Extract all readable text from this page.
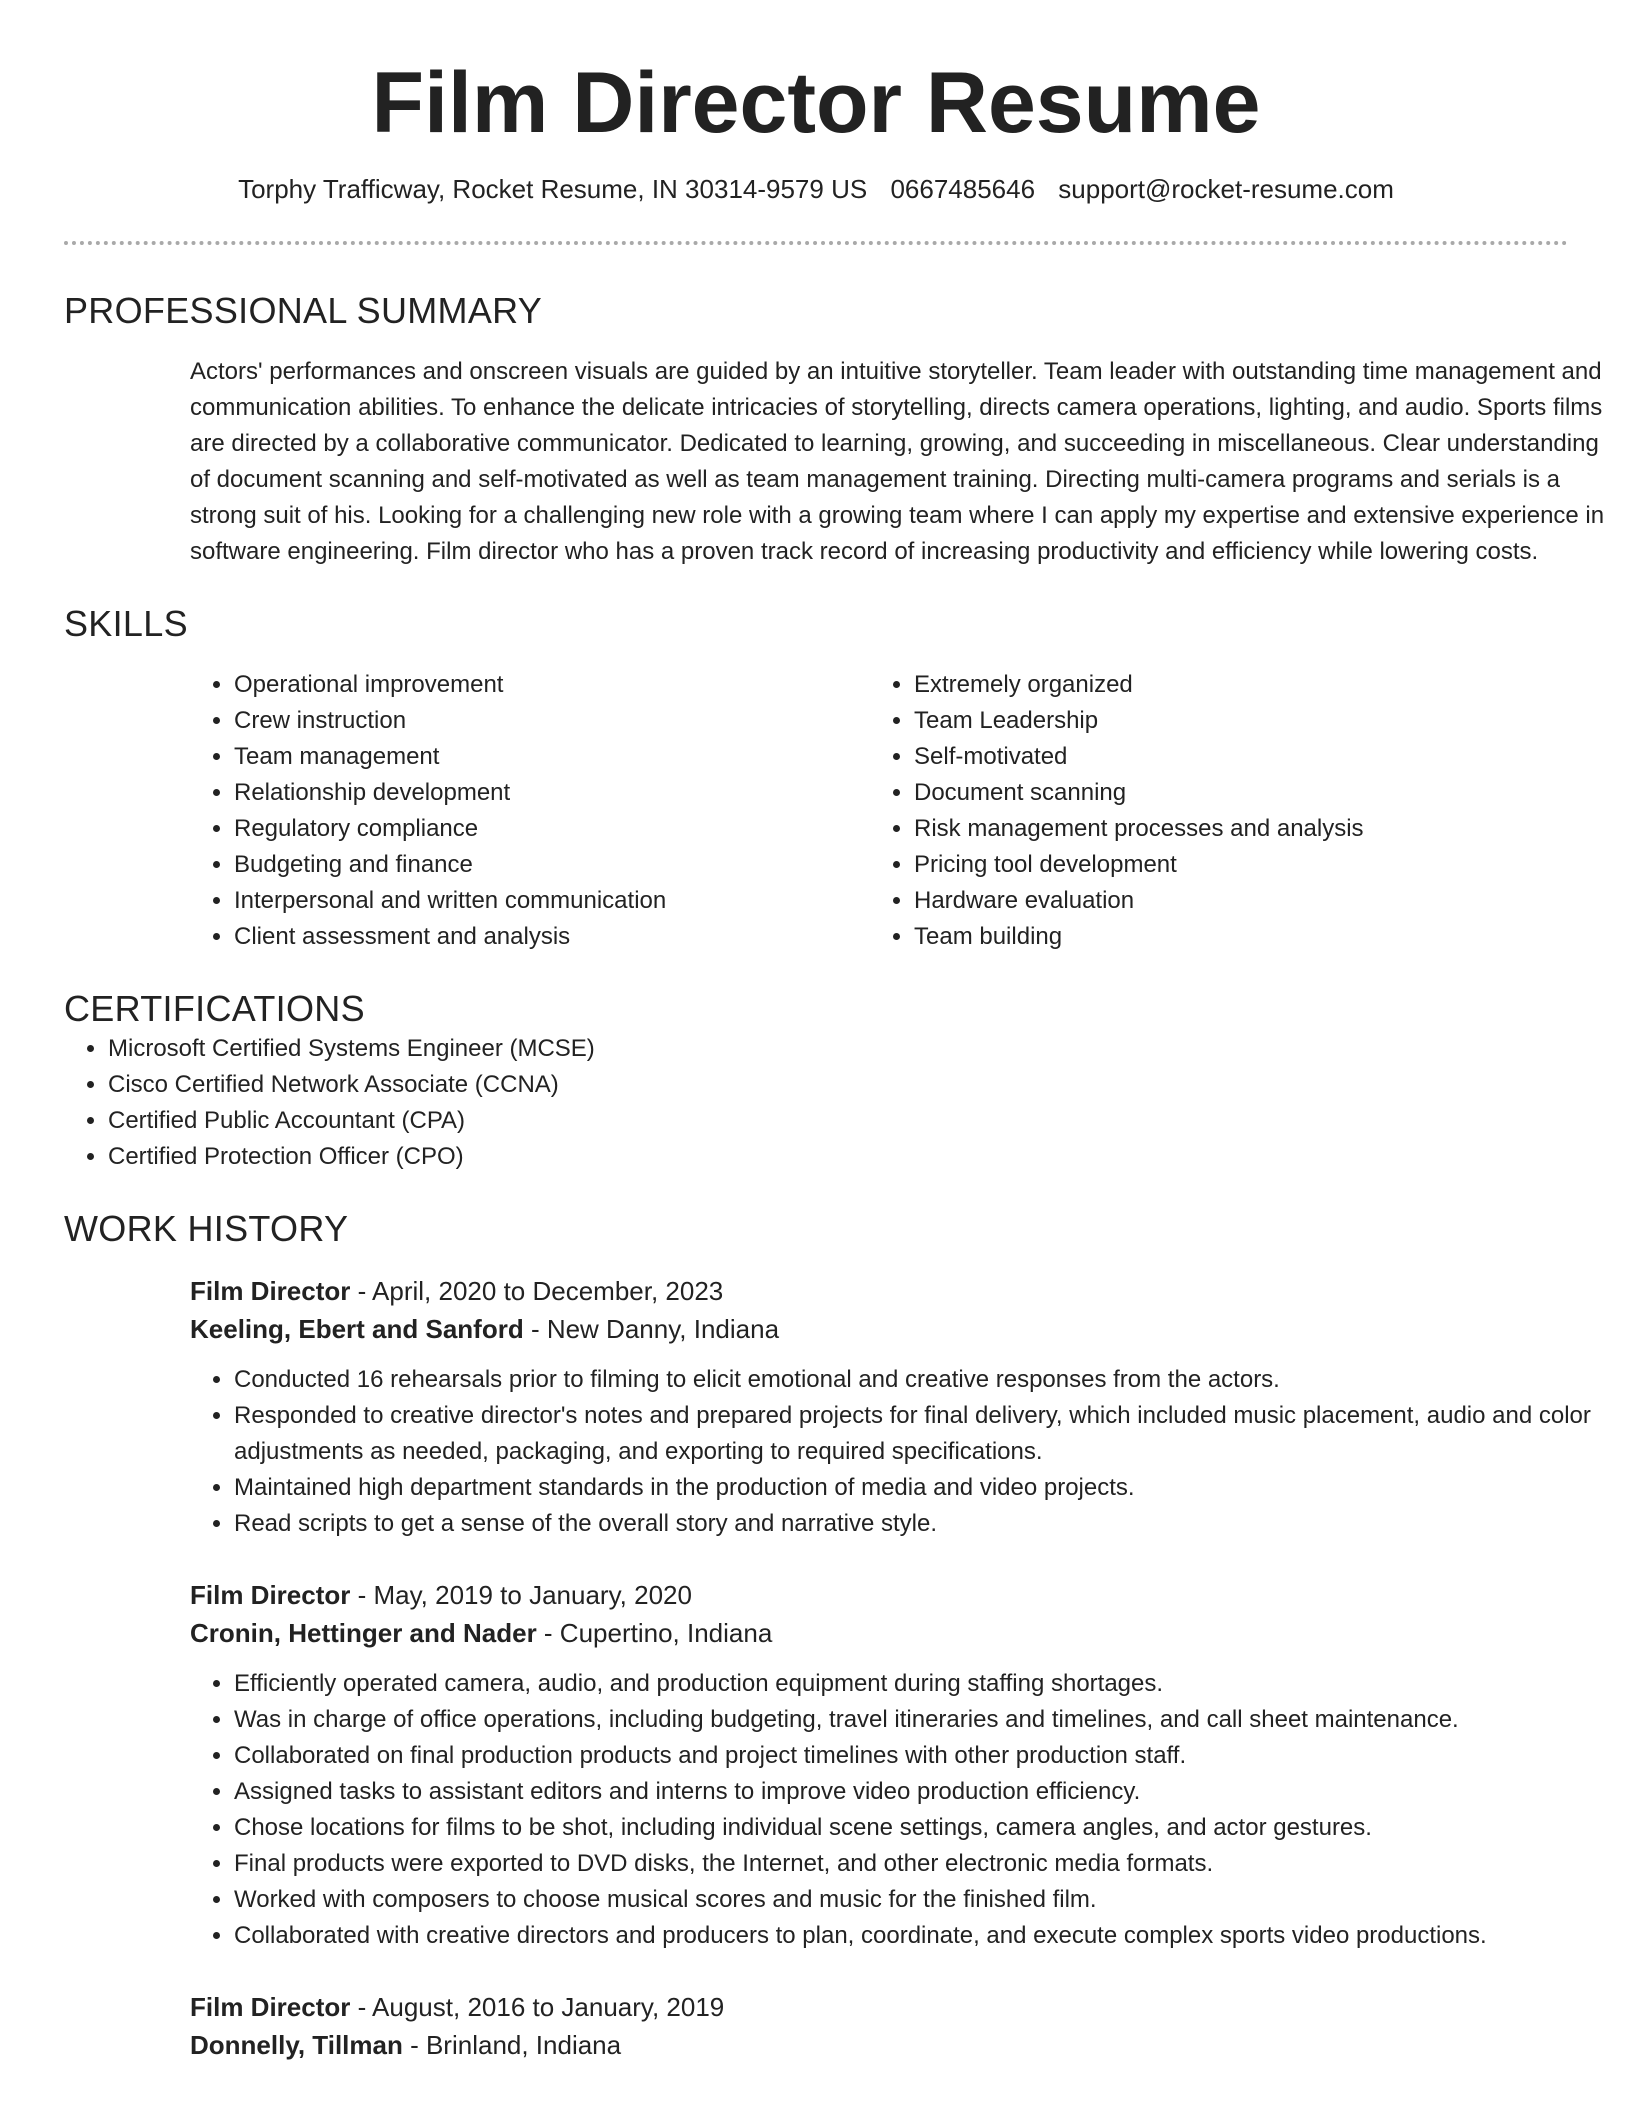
Film Director Resume
Torphy Trafficway, Rocket Resume, IN 30314-9579 US 0667485646 support@rocket-resume.com
PROFESSIONAL SUMMARY

Actors' performances and onscreen visuals are guided by an intuitive storyteller. Team leader with outstanding time management and communication abilities. To enhance the delicate intricacies of storytelling, directs camera operations, lighting, and audio. Sports films are directed by a collaborative communicator. Dedicated to learning, growing, and succeeding in miscellaneous. Clear understanding of document scanning and self-motivated as well as team management training. Directing multi-camera programs and serials is a strong suit of his. Looking for a challenging new role with a growing team where I can apply my expertise and extensive experience in software engineering. Film director who has a proven track record of increasing productivity and efficiency while lowering costs.

SKILLS
• Operational improvement
• Crew instruction
• Team management
• Relationship development
• Regulatory compliance
• Budgeting and finance
• Interpersonal and written communication
• Client assessment and analysis
• Extremely organized
• Team Leadership
• Self-motivated
• Document scanning
• Risk management processes and analysis
• Pricing tool development
• Hardware evaluation
• Team building
CERTIFICATIONS
• Microsoft Certified Systems Engineer (MCSE)
• Cisco Certified Network Associate (CCNA)
• Certified Public Accountant (CPA)
• Certified Protection Officer (CPO)
WORK HISTORY
Film Director - April, 2020 to December, 2023
Keeling, Ebert and Sanford - New Danny, Indiana
• Conducted 16 rehearsals prior to filming to elicit emotional and creative responses from the actors.
• Responded to creative director's notes and prepared projects for final delivery, which included music placement, audio and color adjustments as needed, packaging, and exporting to required specifications.
• Maintained high department standards in the production of media and video projects.
• Read scripts to get a sense of the overall story and narrative style.
Film Director - May, 2019 to January, 2020
Cronin, Hettinger and Nader - Cupertino, Indiana
• Efficiently operated camera, audio, and production equipment during staffing shortages.
• Was in charge of office operations, including budgeting, travel itineraries and timelines, and call sheet maintenance.
• Collaborated on final production products and project timelines with other production staff.
• Assigned tasks to assistant editors and interns to improve video production efficiency.
• Chose locations for films to be shot, including individual scene settings, camera angles, and actor gestures.
• Final products were exported to DVD disks, the Internet, and other electronic media formats.
• Worked with composers to choose musical scores and music for the finished film.
• Collaborated with creative directors and producers to plan, coordinate, and execute complex sports video productions.
Film Director - August, 2016 to January, 2019
Donnelly, Tillman - Brinland, Indiana
